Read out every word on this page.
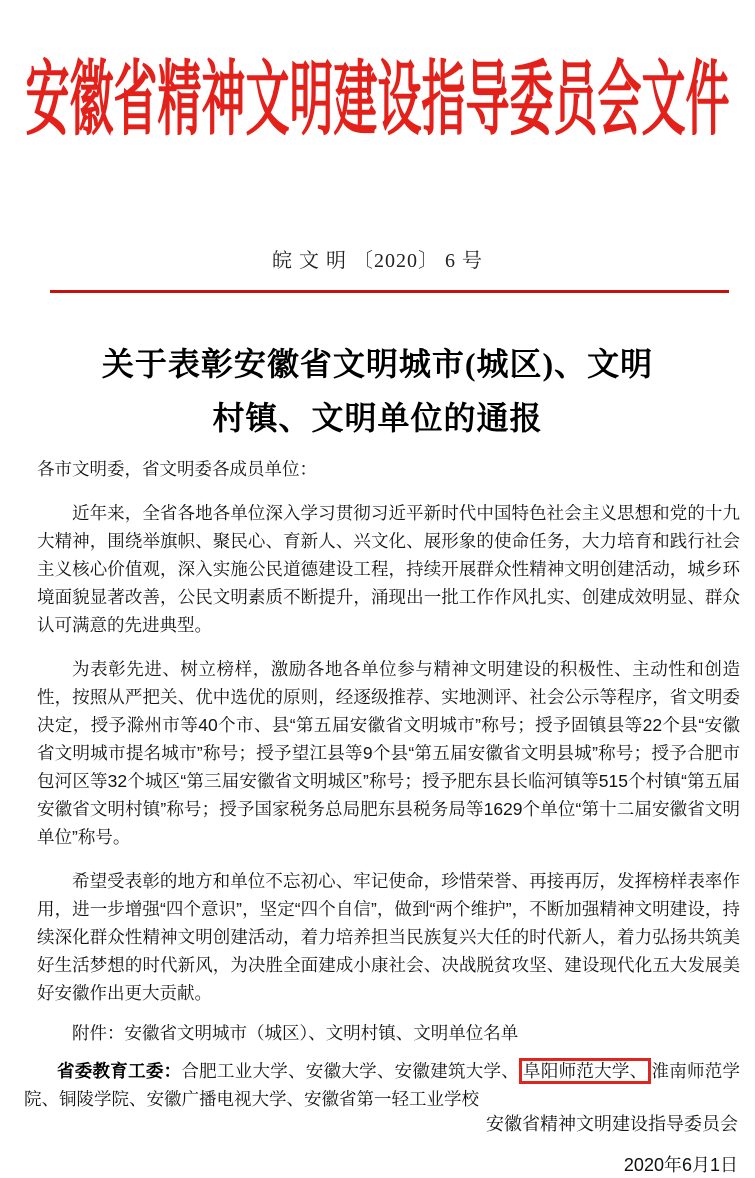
安徽省精神文明建设指导委员会文件
皖 文 明 〔2020〕 6 号
关于表彰安徽省文明城市(城区)、文明
村镇、文明单位的通报

各市文明委，省文明委各成员单位：

近年来，全省各地各单位深入学习贯彻习近平新时代中国特色社会主义思想和党的十九大精神，围绕举旗帜、聚民心、育新人、兴文化、展形象的使命任务，大力培育和践行社会主义核心价值观，深入实施公民道德建设工程，持续开展群众性精神文明创建活动，城乡环境面貌显著改善，公民文明素质不断提升，涌现出一批工作作风扎实、创建成效明显、群众认可满意的先进典型。

为表彰先进、树立榜样，激励各地各单位参与精神文明建设的积极性、主动性和创造性，按照从严把关、优中选优的原则，经逐级推荐、实地测评、社会公示等程序，省文明委决定，授予滁州市等40个市、县“第五届安徽省文明城市”称号；授予固镇县等22个县“安徽省文明城市提名城市”称号；授予望江县等9个县“第五届安徽省文明县城”称号；授予合肥市包河区等32个城区“第三届安徽省文明城区”称号；授予肥东县长临河镇等515个村镇“第五届安徽省文明村镇”称号；授予国家税务总局肥东县税务局等1629个单位“第十二届安徽省文明单位”称号。

希望受表彰的地方和单位不忘初心、牢记使命，珍惜荣誉、再接再厉，发挥榜样表率作用，进一步增强“四个意识”，坚定“四个自信”，做到“两个维护”，不断加强精神文明建设，持续深化群众性精神文明创建活动，着力培养担当民族复兴大任的时代新人，着力弘扬共筑美好生活梦想的时代新风，为决胜全面建成小康社会、决战脱贫攻坚、建设现代化五大发展美好安徽作出更大贡献。

附件：安徽省文明城市（城区）、文明村镇、文明单位名单

省委教育工委：合肥工业大学、安徽大学、安徽建筑大学、 阜阳师范大学、 淮南师范学院、铜陵学院、安徽广播电视大学、安徽省第一轻工业学校

安徽省精神文明建设指导委员会
2020年6月1日
